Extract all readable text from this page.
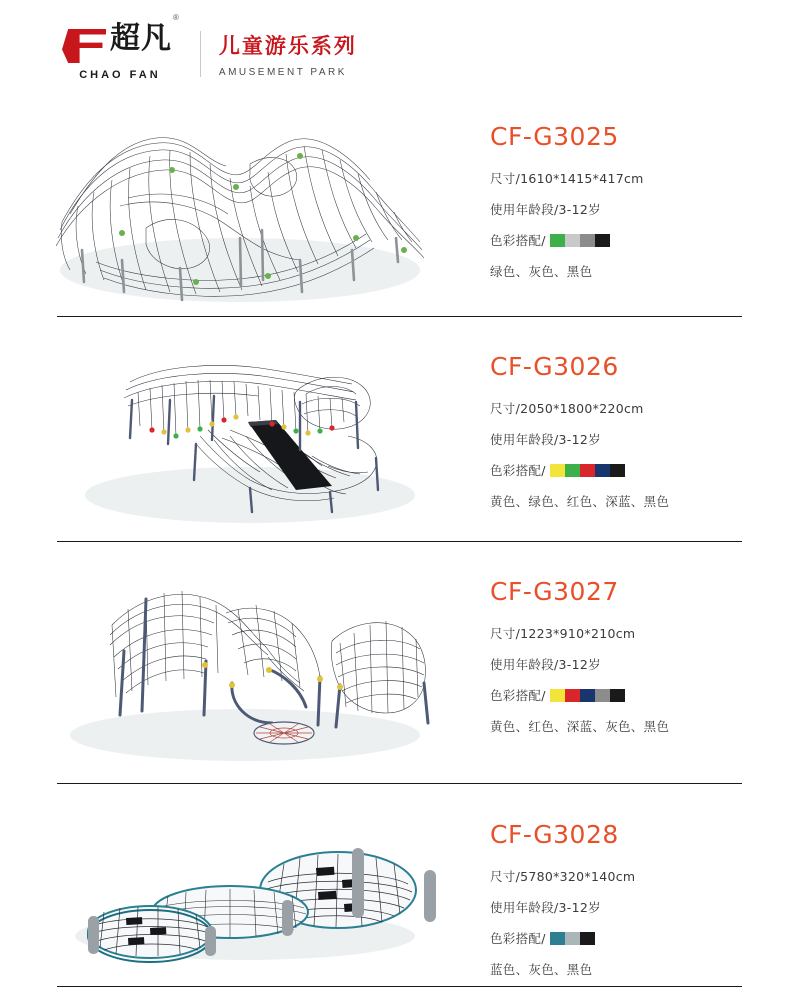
超凡
®
CHAO FAN
儿童游乐系列
AMUSEMENT PARK
CF-G3025
尺寸/1610*1415*417cm
使用年龄段/3-12岁
色彩搭配/
绿色、灰色、黑色
CF-G3026
尺寸/2050*1800*220cm
使用年龄段/3-12岁
色彩搭配/
黄色、绿色、红色、深蓝、黑色
CF-G3027
尺寸/1223*910*210cm
使用年龄段/3-12岁
色彩搭配/
黄色、红色、深蓝、灰色、黑色
CF-G3028
尺寸/5780*320*140cm
使用年龄段/3-12岁
色彩搭配/
蓝色、灰色、黑色
